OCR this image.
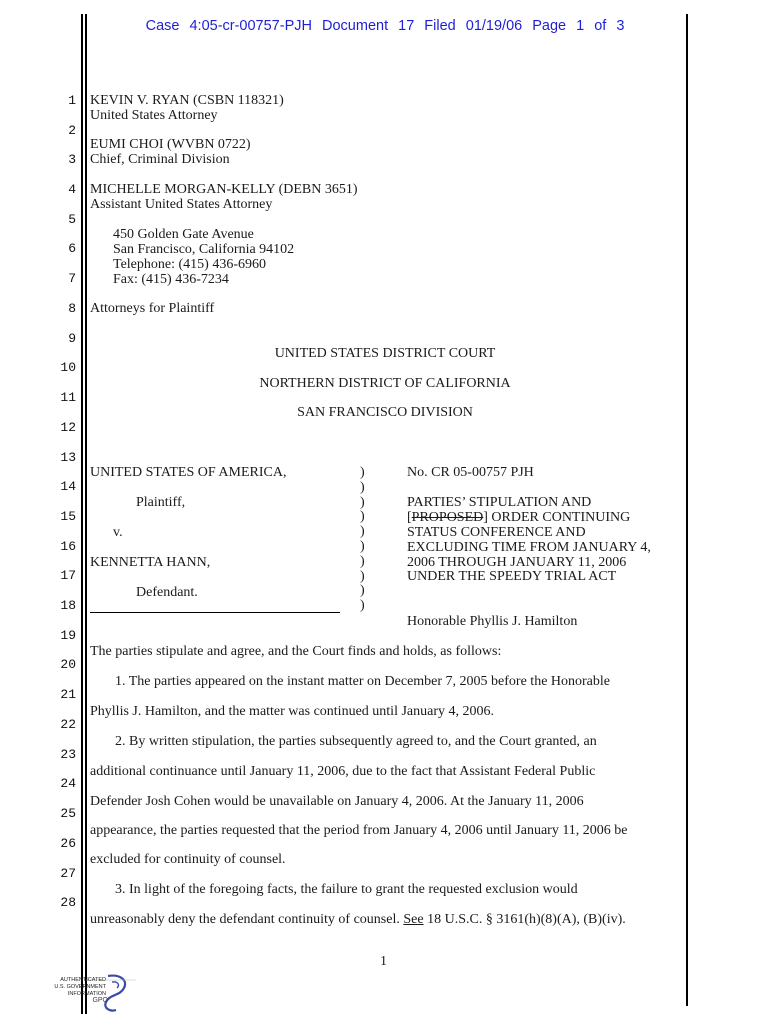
Case 4:05-cr-00757-PJH Document 17 Filed 01/19/06 Page 1 of 3
1
2
3
4
5
6
7
8
9
10
11
12
13
14
15
16
17
18
19
20
21
22
23
24
25
26
27
28
KEVIN V. RYAN (CSBN 118321)
United States Attorney
EUMI CHOI (WVBN 0722)
Chief, Criminal Division
MICHELLE MORGAN-KELLY (DEBN 3651)
Assistant United States Attorney
450 Golden Gate Avenue
San Francisco, California 94102
Telephone: (415) 436-6960
Fax: (415) 436-7234
Attorneys for Plaintiff
UNITED STATES DISTRICT COURT
NORTHERN DISTRICT OF CALIFORNIA
SAN FRANCISCO DIVISION
UNITED STATES OF AMERICA,
Plaintiff,
v.
KENNETTA HANN,
Defendant.
)
)
)
)
)
)
)
)
)
)
No. CR 05-00757 PJH
PARTIES’ STIPULATION AND
[PROPOSED] ORDER CONTINUING
STATUS CONFERENCE AND
EXCLUDING TIME FROM JANUARY 4,
2006 THROUGH JANUARY 11, 2006
UNDER THE SPEEDY TRIAL ACT
Honorable Phyllis J. Hamilton
The parties stipulate and agree, and the Court finds and holds, as follows:
1. The parties appeared on the instant matter on December 7, 2005 before the Honorable
Phyllis J. Hamilton, and the matter was continued until January 4, 2006.
2. By written stipulation, the parties subsequently agreed to, and the Court granted, an
additional continuance until January 11, 2006, due to the fact that Assistant Federal Public
Defender Josh Cohen would be unavailable on January 4, 2006. At the January 11, 2006
appearance, the parties requested that the period from January 4, 2006 until January 11, 2006 be
excluded for continuity of counsel.
3. In light of the foregoing facts, the failure to grant the requested exclusion would
unreasonably deny the defendant continuity of counsel. See 18 U.S.C. § 3161(h)(8)(A), (B)(iv).
1
AUTHENTICATED
U.S. GOVERNMENT
INFORMATION
GPO
